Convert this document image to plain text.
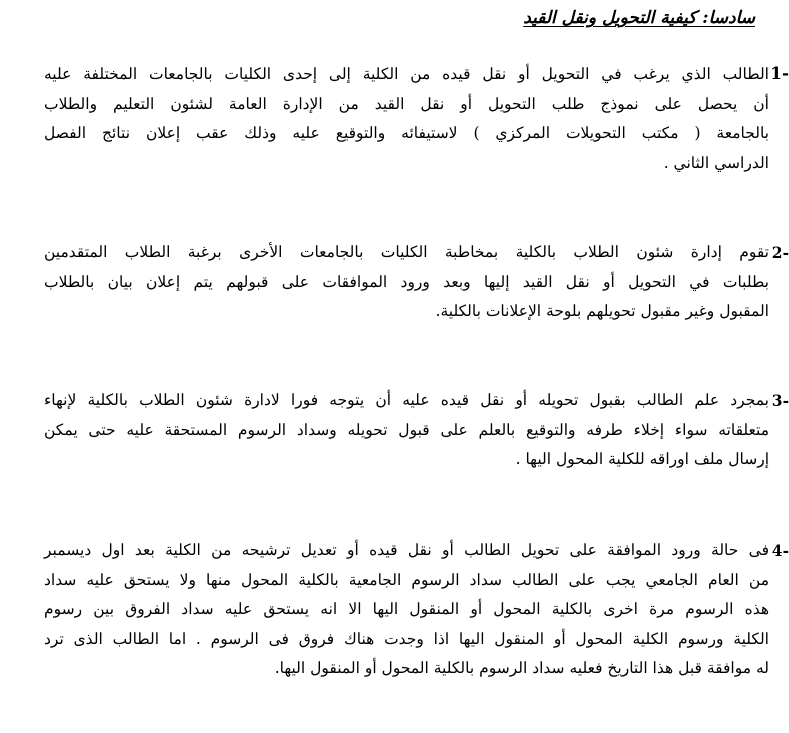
سادسا: كيفية التحويل ونقل القيد
1-
الطالب الذي يرغب في التحويل أو نقل قيده من الكلية إلى إحدى الكليات بالجامعات المختلفة عليه
أن يحصل على نموذج طلب التحويل أو نقل القيد من الإدارة العامة لشئون التعليم والطلاب
بالجامعة ( مكتب التحويلات المركزي ) لاستيفائه والتوقيع عليه وذلك عقب إعلان نتائج الفصل
الدراسي الثاني .
2-
تقوم إدارة شئون الطلاب بالكلية بمخاطبة الكليات بالجامعات الأخرى برغبة الطلاب المتقدمين
بطلبات في التحويل أو نقل القيد إليها وبعد ورود الموافقات على قبولهم يتم إعلان بيان بالطلاب
المقبول وغير مقبول تحويلهم بلوحة الإعلانات بالكلية.
3-
بمجرد علم الطالب بقبول تحويله أو نقل قيده عليه أن يتوجه فورا لادارة شئون الطلاب بالكلية لإنهاء
متعلقاته سواء إخلاء طرفه والتوقيع بالعلم على قبول تحويله وسداد الرسوم المستحقة عليه حتى يمكن
إرسال ملف اوراقه للكلية المحول اليها .
4-
فى حالة ورود الموافقة على تحويل الطالب أو نقل قيده أو تعديل ترشيحه من الكلية بعد اول ديسمبر
من العام الجامعي يجب على الطالب سداد الرسوم الجامعية بالكلية المحول منها ولا يستحق عليه سداد
هذه الرسوم مرة اخرى بالكلية المحول أو المنقول اليها الا انه يستحق عليه سداد الفروق بين رسوم
الكلية ورسوم الكلية المحول أو المنقول اليها اذا وجدت هناك فروق فى الرسوم . اما الطالب الذى ترد
له موافقة قبل هذا التاريخ فعليه سداد الرسوم بالكلية المحول أو المنقول اليها.
